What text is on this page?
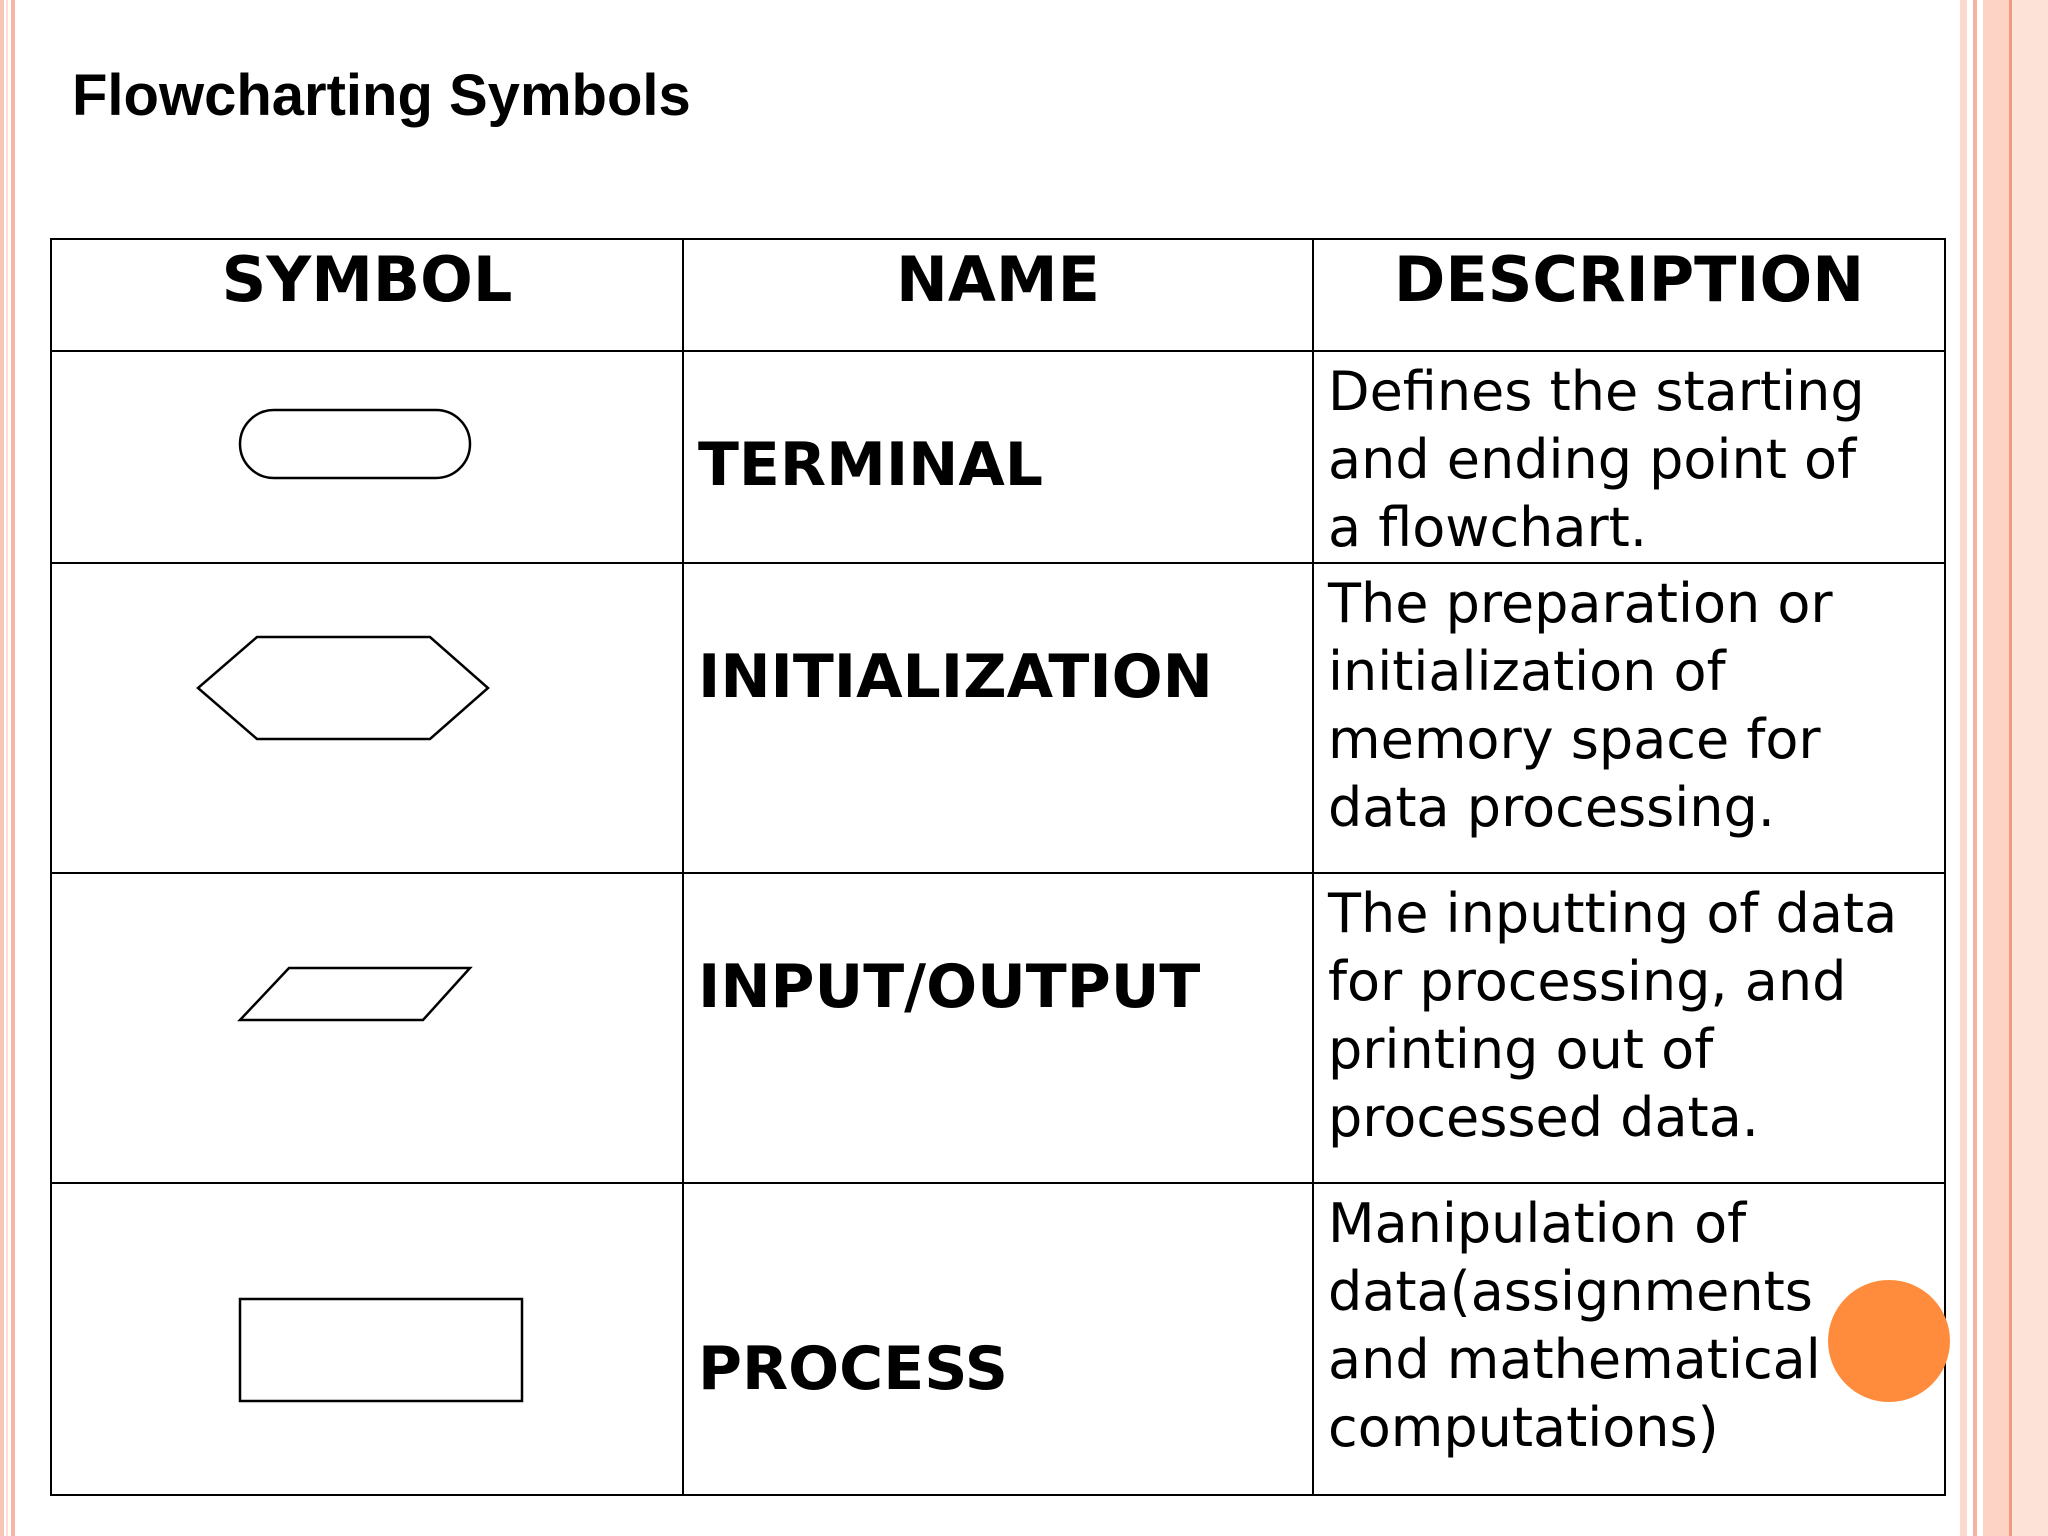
Flowcharting Symbols
SYMBOL	NAME	DESCRIPTION

TERMINAL	Defines the starting
and ending point of
a flowchart.

INITIALIZATION	The preparation or
initialization of
memory space for
data processing.

INPUT/OUTPUT	The inputting of data
for processing, and
printing out of
processed data.

PROCESS	Manipulation of
data(assignments
and mathematical
computations)
